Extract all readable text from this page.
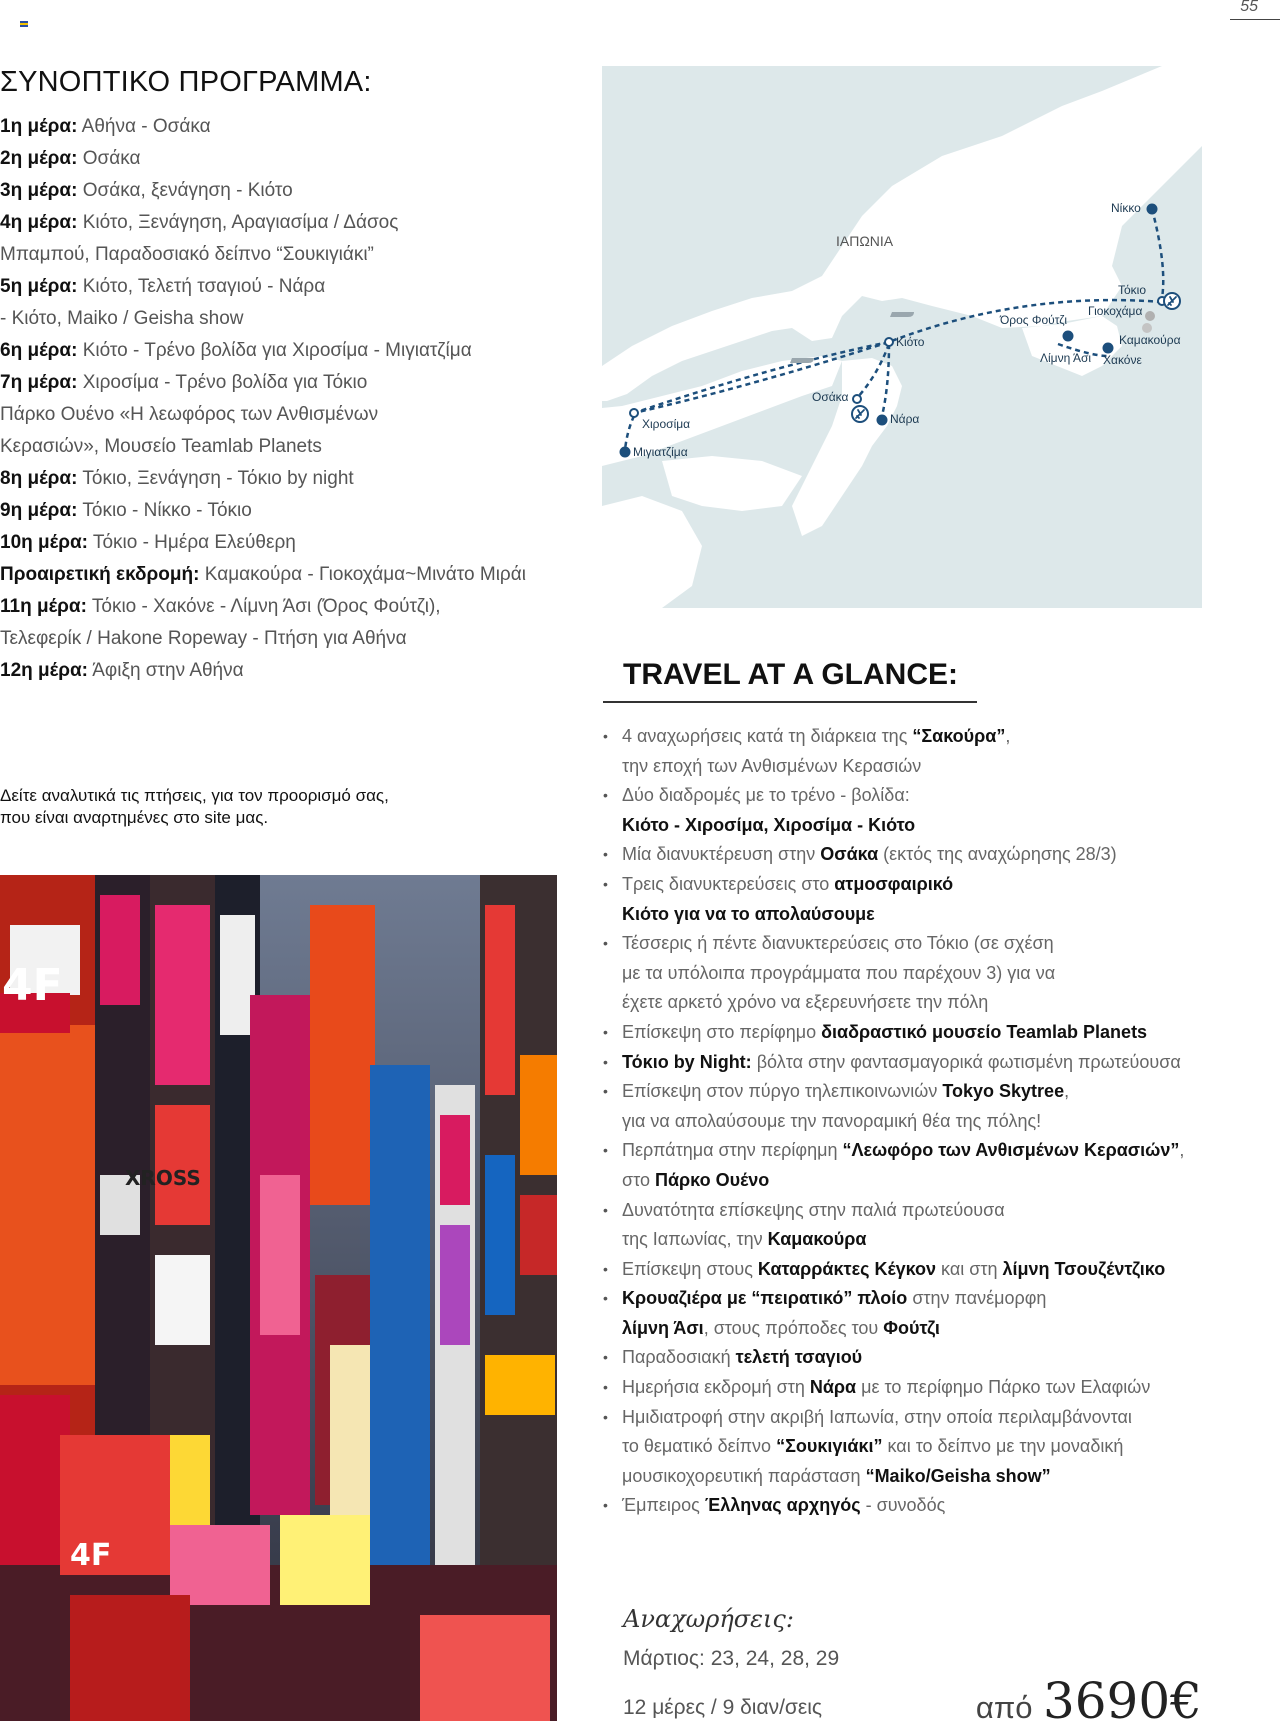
55
ΣΥΝΟΠΤΙΚΟ ΠΡΟΓΡΑΜΜΑ:
1η μέρα: Αθήνα - Οσάκα
2η μέρα: Οσάκα
3η μέρα: Οσάκα, ξενάγηση - Κιότο
4η μέρα: Κιότο, Ξενάγηση, Αραγιασίμα / Δάσος
Μπαμπού, Παραδοσιακό δείπνο “Σουκιγιάκι”
5η μέρα: Κιότο, Τελετή τσαγιού - Νάρα
- Κιότο, Maiko / Geisha show
6η μέρα: Κιότο - Τρένο βολίδα για Χιροσίμα - Μιγιατζίμα
7η μέρα: Χιροσίμα - Τρένο βολίδα για Τόκιο
Πάρκο Ουένο «Η λεωφόρος των Ανθισμένων
Κερασιών», Μουσείο Teamlab Planets
8η μέρα: Τόκιο, Ξενάγηση - Τόκιο by night
9η μέρα: Τόκιο - Νίκκο - Τόκιο
10η μέρα: Τόκιο - Ημέρα Ελεύθερη
Προαιρετική εκδρομή: Καμακούρα - Γιοκοχάμα~Μινάτο Μιράι
11η μέρα: Τόκιο - Χακόνε - Λίμνη Άσι (Όρος Φούτζι),
Τελεφερίκ / Hakone Ropeway - Πτήση για Αθήνα
12η μέρα: Άφιξη στην Αθήνα
Δείτε αναλυτικά τις πτήσεις, για τον προορισμό σας,
που είναι αναρτημένες στο site μας.
4F
4F
XROSS
Νίκκο
Τόκιο
Γιοκοχάμα
Καμακούρα
Όρος Φούτζι
Λίμνη Άσι Χακόνε
Κιότο
Οσάκα
Νάρα
Χιροσίμα
Μιγιατζίμα
ΙΑΠΩΝΙΑ
TRAVEL AT A GLANCE:
• 4 αναχωρήσεις κατά τη διάρκεια της “Σακούρα”,
την εποχή των Ανθισμένων Κερασιών
• Δύο διαδρομές με το τρένο - βολίδα:
Κιότο - Χιροσίμα, Χιροσίμα - Κιότο
• Μία διανυκτέρευση στην Οσάκα (εκτός της αναχώρησης 28/3)
• Τρεις διανυκτερεύσεις στο ατμοσφαιρικό
Κιότο για να το απολαύσουμε
• Τέσσερις ή πέντε διανυκτερεύσεις στο Τόκιο (σε σχέση
με τα υπόλοιπα προγράμματα που παρέχουν 3) για να
έχετε αρκετό χρόνο να εξερευνήσετε την πόλη
• Επίσκεψη στο περίφημο διαδραστικό μουσείο Teamlab Planets
• Τόκιο by Night: βόλτα στην φαντασμαγορικά φωτισμένη πρωτεύουσα
• Επίσκεψη στον πύργο τηλεπικοινωνιών Tokyo Skytree,
για να απολαύσουμε την πανοραμική θέα της πόλης!
• Περπάτημα στην περίφημη “Λεωφόρο των Ανθισμένων Κερασιών”,
στο Πάρκο Ουένο
• Δυνατότητα επίσκεψης στην παλιά πρωτεύουσα
της Ιαπωνίας, την Καμακούρα
• Επίσκεψη στους Καταρράκτες Κέγκον και στη λίμνη Τσουζέντζικο
• Κρουαζιέρα με “πειρατικό” πλοίο στην πανέμορφη
λίμνη Άσι, στους πρόποδες του Φούτζι
• Παραδοσιακή τελετή τσαγιού
• Ημερήσια εκδρομή στη Νάρα με το περίφημο Πάρκο των Ελαφιών
• Ημιδιατροφή στην ακριβή Ιαπωνία, στην οποία περιλαμβάνονται
το θεματικό δείπνο “Σουκιγιάκι” και το δείπνο με την μοναδική
μουσικοχορευτική παράσταση “Maiko/Geisha show”
• Έμπειρος Έλληνας αρχηγός - συνοδός
Αναχωρήσεις:
Μάρτιος: 23, 24, 28, 29
12 μέρες / 9 διαν/σεις	από 3690€
